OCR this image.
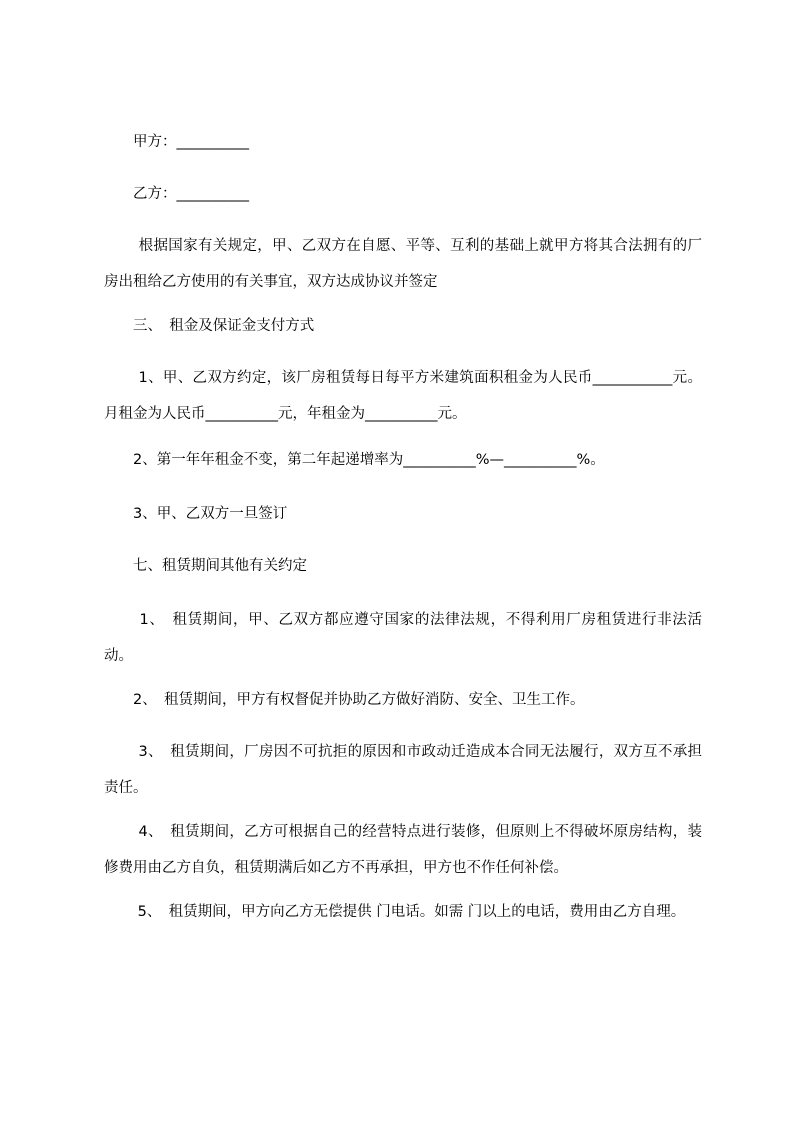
　　甲方：__________
　　乙方：__________
　　 根据国家有关规定，甲、乙双方在自愿、平等、互利的基础上就甲方将其合法拥有的厂房出租给乙方使用的有关事宜，双方达成协议并签定
　　三、　租金及保证金支付方式
　　 1、甲、乙双方约定，该厂房租赁每日每平方米建筑面积租金为人民币___________元。月租金为人民币__________元，年租金为__________元。
　　2、第一年年租金不变，第二年起递增率为__________%—__________%。
　　3、甲、乙双方一旦签订
　　七、租赁期间其他有关约定
　　 1、　租赁期间，甲、乙双方都应遵守国家的法律法规，不得利用厂房租赁进行非法活动。
　　2、　租赁期间，甲方有权督促并协助乙方做好消防、安全、卫生工作。
　　 3、　租赁期间，厂房因不可抗拒的原因和市政动迁造成本合同无法履行，双方互不承担责任。
　　 4、　租赁期间，乙方可根据自己的经营特点进行装修，但原则上不得破坏原房结构，装修费用由乙方自负，租赁期满后如乙方不再承担，甲方也不作任何补偿。
　　 5、　租赁期间，甲方向乙方无偿提供 门电话。如需 门以上的电话，费用由乙方自理。
